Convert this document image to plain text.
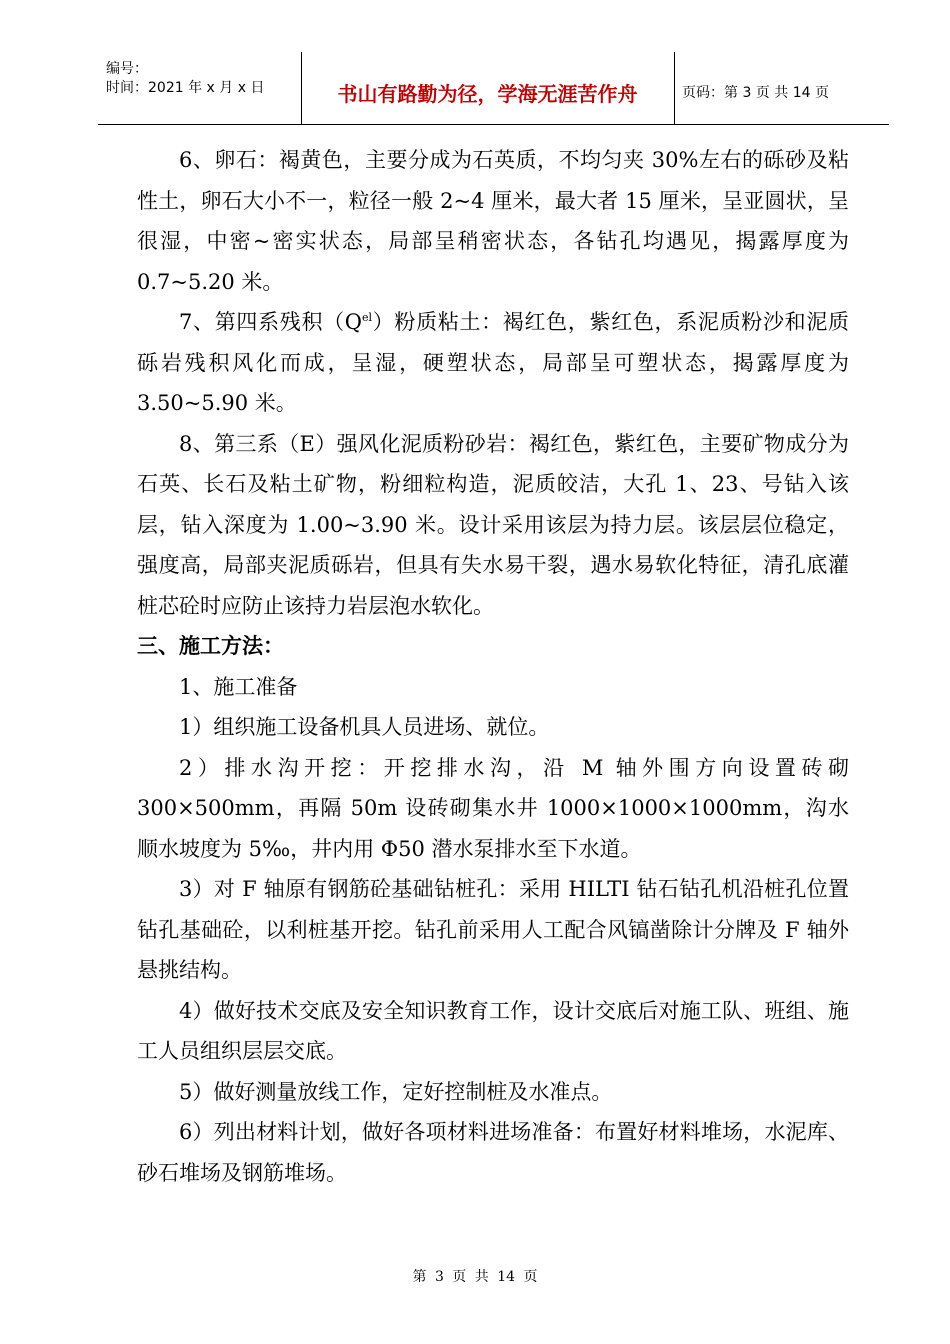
编号：
时间：2021 年 x 月 x 日	书山有路勤为径，学海无涯苦作舟	页码：第 3 页 共 14 页

6、卵石：褐黄色，主要分成为石英质，不均匀夹 30%左右的砾砂及粘性土，卵石大小不一，粒径一般 2~4 厘米，最大者 15 厘米，呈亚圆状，呈很湿，中密~密实状态，局部呈稍密状态，各钻孔均遇见，揭露厚度为 0.7~5.20 米。

7、第四系残积$(Q^{el})$粉质粘土：褐红色，紫红色，系泥质粉沙和泥质砾岩残积风化而成，呈湿，硬塑状态，局部呈可塑状态，揭露厚度为 3.50~5.90 米。

8、第三系（E）强风化泥质粉砂岩：褐红色，紫红色，主要矿物成分为石英、长石及粘土矿物，粉细粒构造，泥质皎洁，大孔 1、23、号钻入该层，钻入深度为 1.00~3.90 米。设计采用该层为持力层。该层层位稳定，强度高，局部夹泥质砾岩，但具有失水易干裂，遇水易软化特征，清孔底灌桩芯砼时应防止该持力岩层泡水软化。

三、施工方法：

1、施工准备

1）组织施工设备机具人员进场、就位。

2）排水沟开挖：开挖排水沟，沿 M 轴外围方向设置砖砌 300×500mm，再隔 50m 设砖砌集水井 1000×1000×1000mm，沟水顺水坡度为 5‰，井内用 Φ50 潜水泵排水至下水道。

3）对 F 轴原有钢筋砼基础钻桩孔：采用 HILTI 钻石钻孔机沿桩孔位置钻孔基础砼，以利桩基开挖。钻孔前采用人工配合风镐凿除计分牌及 F 轴外悬挑结构。

4）做好技术交底及安全知识教育工作，设计交底后对施工队、班组、施工人员组织层层交底。

5）做好测量放线工作，定好控制桩及水准点。

6）列出材料计划，做好各项材料进场准备：布置好材料堆场，水泥库、砂石堆场及钢筋堆场。

第 3 页 共 14 页
